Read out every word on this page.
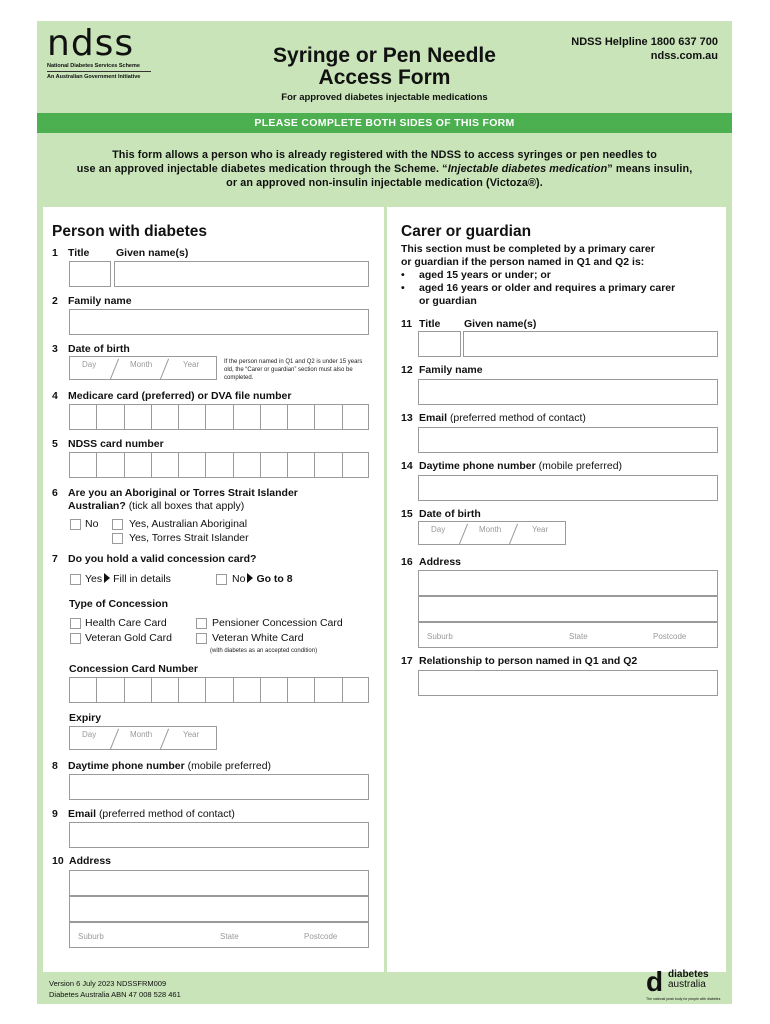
ndss
National Diabetes Services Scheme
An Australian Government Initiative
Syringe or Pen Needle
Access Form
For approved diabetes injectable medications
NDSS Helpline 1800 637 700
ndss.com.au
PLEASE COMPLETE BOTH SIDES OF THIS FORM
This form allows a person who is already registered with the NDSS to access syringes or pen needles to
use an approved injectable diabetes medication through the Scheme. “Injectable diabetes medication” means insulin,
or an approved non-insulin injectable medication (Victoza®).
Person with diabetes
1 Title	Given name(s)
2 Family name
3 Date of birth
Day	Month	Year	If the person named in Q1 and Q2 is under 15 years old, the “Carer or guardian” section must also be completed.
4 Medicare card (preferred) or DVA file number
5 NDSS card number
6 Are you an Aboriginal or Torres Strait Islander
Australian? (tick all boxes that apply)
No	Yes, Australian Aboriginal
Yes, Torres Strait Islander
7 Do you hold a valid concession card?
Yes Fill in details	No Go to 8
Type of Concession
Health Care Card	Pensioner Concession Card
Veteran Gold Card	Veteran White Card
(with diabetes as an accepted condition)
Concession Card Number
Expiry
Day	Month	Year
8 Daytime phone number (mobile preferred)
9 Email (preferred method of contact)
10 Address
Suburb	State	Postcode
Carer or guardian
This section must be completed by a primary carer
or guardian if the person named in Q1 and Q2 is:
• aged 15 years or under; or
• aged 16 years or older and requires a primary carer
or guardian
11 Title Given name(s)
12 Family name
13 Email (preferred method of contact)
14 Daytime phone number (mobile preferred)
15 Date of birth
Day	Month	Year
16 Address
Suburb	State	Postcode
17 Relationship to person named in Q1 and Q2
Version 6 July 2023 NDSSFRM009
Diabetes Australia ABN 47 008 528 461	d diabetes
australia
The national peak body for people with diabetes
